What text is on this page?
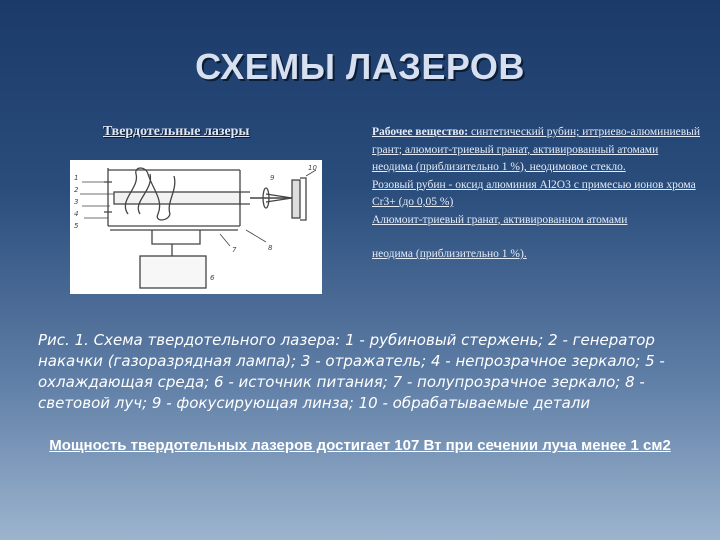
СХЕМЫ ЛАЗЕРОВ
Твердотельные лазеры
1
2
3
4
5
6
7	8
9
10

Рабочее вещество: синтетический рубин; иттриево-алюминиевый грант; алюмоит-триевый гранат, активированный атомами неодима (приблизительно 1 %), неодимовое стекло.

Розовый рубин - оксид алюминия Al2O3 с примесью ионов хрома Cr3+ (до 0,05 %)

Алюмоит-триевый гранат, активированном атомами

неодима (приблизительно 1 %).

Рис. 1. Схема твердотельного лазера: 1 - рубиновый стержень; 2 - генератор накачки (газоразрядная лампа); 3 - отражатель; 4 - непрозрачное зеркало; 5 - охлаждающая среда; 6 - источник питания; 7 - полупрозрачное зеркало; 8 - световой луч; 9 - фокусирующая линза; 10 - обрабатываемые детали
Мощность твердотельных лазеров достигает 107 Вт при сечении луча менее 1 см2
